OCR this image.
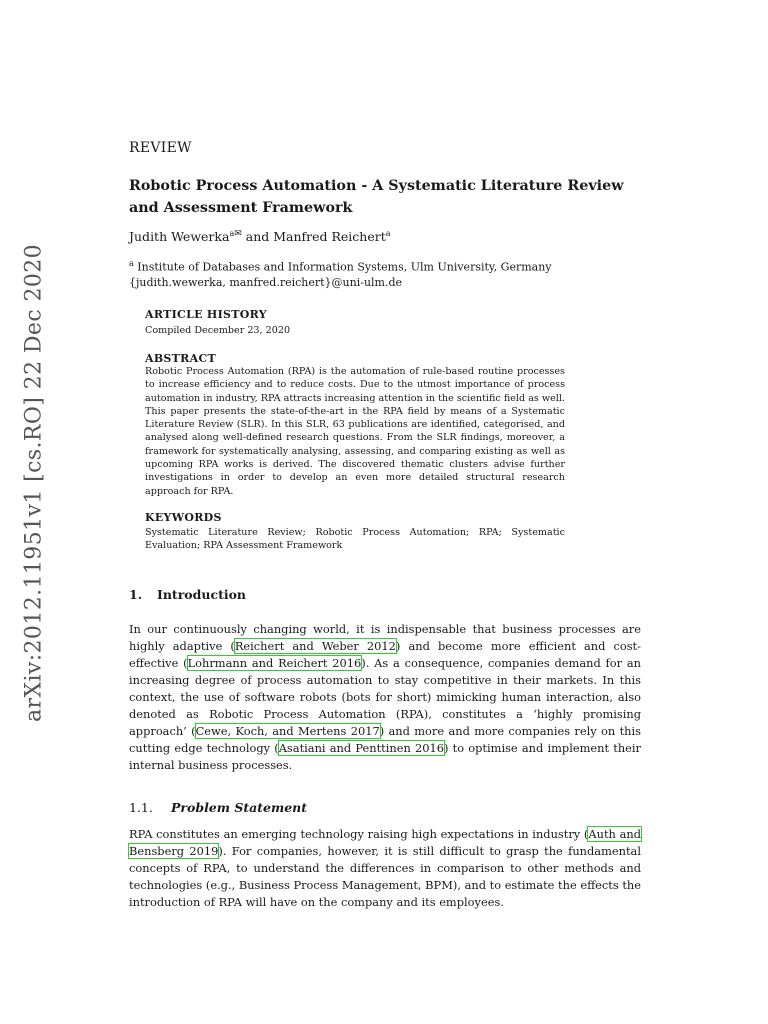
arXiv:2012.11951v1 [cs.RO] 22 Dec 2020
REVIEW
Robotic Process Automation - A Systematic Literature Review and Assessment Framework
Judith Wewerka$^{a✉}$ and Manfred Reichert$^a$
$^a$ Institute of Databases and Information Systems, Ulm University, Germany
{judith.wewerka, manfred.reichert}@uni-ulm.de
ARTICLE HISTORY
Compiled December 23, 2020
ABSTRACT
Robotic Process Automation (RPA) is the automation of rule-based routine processes to increase efficiency and to reduce costs. Due to the utmost importance of process automation in industry, RPA attracts increasing attention in the scientific field as well. This paper presents the state-of-the-art in the RPA field by means of a Systematic Literature Review (SLR). In this SLR, 63 publications are identified, categorised, and analysed along well-defined research questions. From the SLR findings, moreover, a framework for systematically analysing, assessing, and comparing existing as well as upcoming RPA works is derived. The discovered thematic clusters advise further investigations in order to develop an even more detailed structural research approach for RPA.
KEYWORDS
Systematic Literature Review; Robotic Process Automation; RPA; Systematic Evaluation; RPA Assessment Framework
1. Introduction
In our continuously changing world, it is indispensable that business processes are highly adaptive (Reichert and Weber 2012) and become more efficient and cost-effective (Lohrmann and Reichert 2016). As a consequence, companies demand for an increasing degree of process automation to stay competitive in their markets. In this context, the use of software robots (bots for short) mimicking human interaction, also denoted as Robotic Process Automation (RPA), constitutes a ‘highly promising approach’ (Cewe, Koch, and Mertens 2017) and more and more companies rely on this cutting edge technology (Asatiani and Penttinen 2016) to optimise and implement their internal business processes.
1.1. Problem Statement
RPA constitutes an emerging technology raising high expectations in industry (Auth and Bensberg 2019). For companies, however, it is still difficult to grasp the fundamental concepts of RPA, to understand the differences in comparison to other methods and technologies (e.g., Business Process Management, BPM), and to estimate the effects the introduction of RPA will have on the company and its employees.
